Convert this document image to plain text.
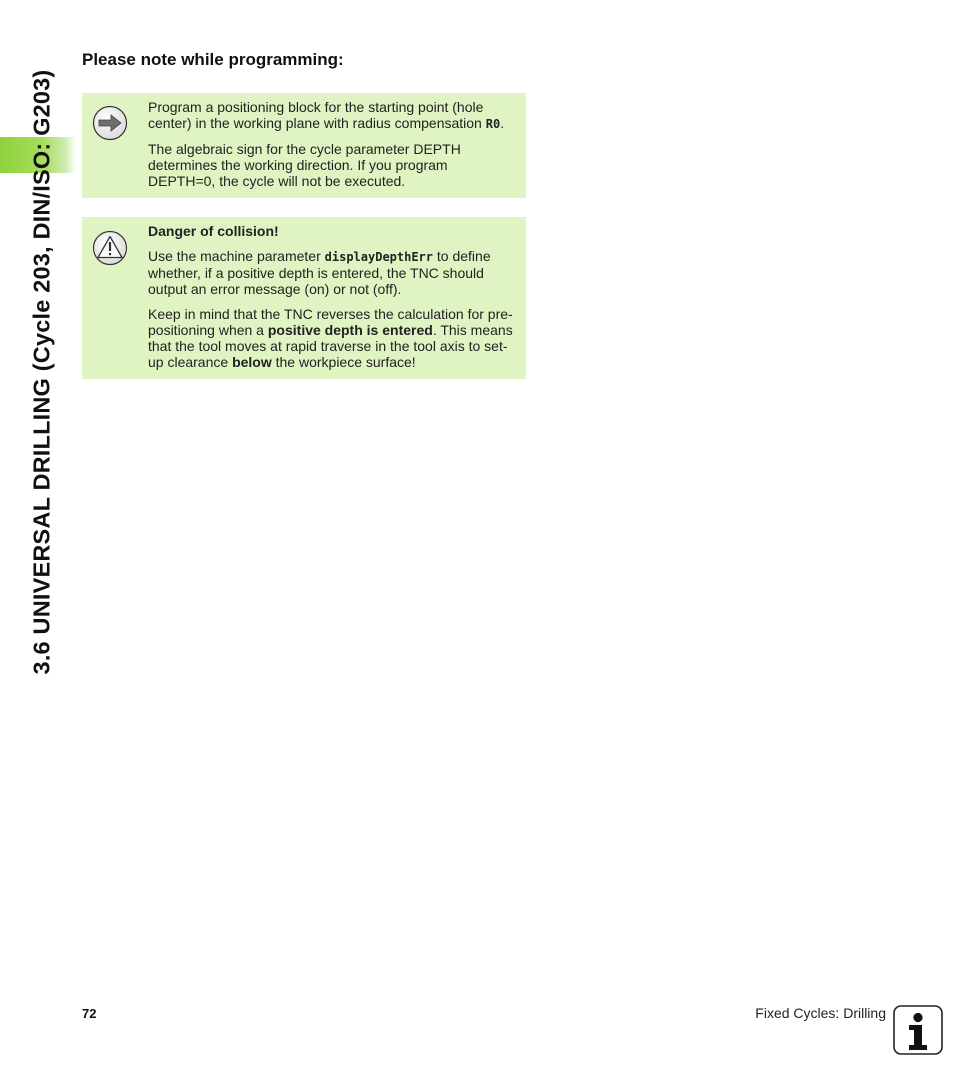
3.6 UNIVERSAL DRILLING (Cycle 203, DIN/ISO: G203)
Please note while programming:

Program a positioning block for the starting point (hole center) in the working plane with radius compensation R0.

The algebraic sign for the cycle parameter DEPTH determines the working direction. If you program DEPTH=0, the cycle will not be executed.

Danger of collision!

Use the machine parameter displayDepthErr to define whether, if a positive depth is entered, the TNC should output an error message (on) or not (off).

Keep in mind that the TNC reverses the calculation for pre-positioning when a positive depth is entered. This means that the tool moves at rapid traverse in the tool axis to set-up clearance below the workpiece surface!

72	Fixed Cycles: Drilling
